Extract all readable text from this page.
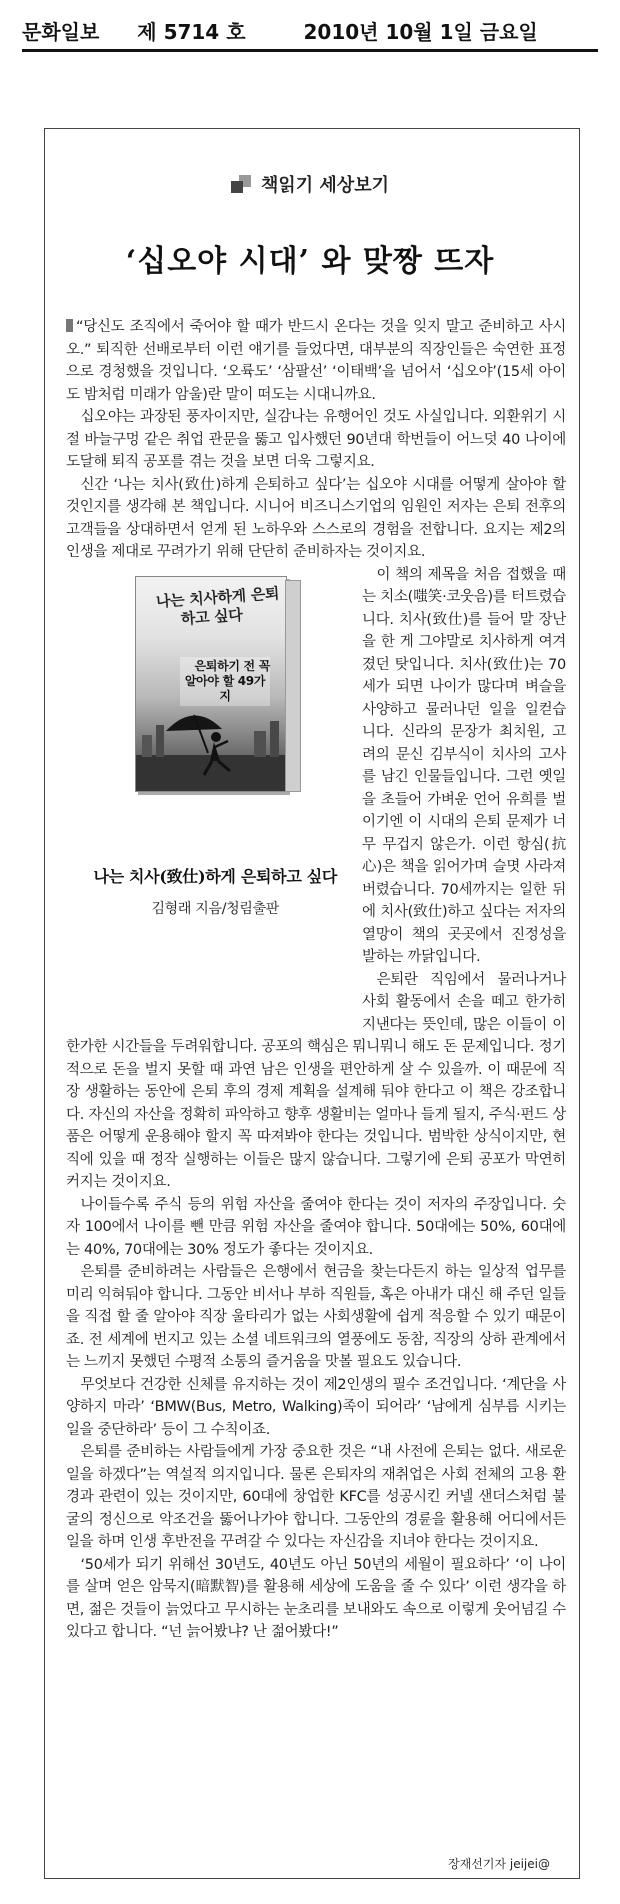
문화일보 제 5714 호	2010년 10월 1일 금요일
책읽기 세상보기
‘십오야 시대’ 와 맞짱 뜨자

“당신도 조직에서 죽어야 할 때가 반드시 온다는 것을 잊지 말고 준비하고 사시오.” 퇴직한 선배로부터 이런 얘기를 들었다면, 대부분의 직장인들은 숙연한 표정으로 경청했을 것입니다. ‘오륙도’ ‘삼팔선’ ‘이태백’을 넘어서 ‘십오야’(15세 아이도 밤처럼 미래가 암울)란 말이 떠도는 시대니까요.

십오야는 과장된 풍자이지만, 실감나는 유행어인 것도 사실입니다. 외환위기 시절 바늘구멍 같은 취업 관문을 뚫고 입사했던 90년대 학번들이 어느덧 40 나이에 도달해 퇴직 공포를 겪는 것을 보면 더욱 그렇지요.

신간 ‘나는 치사(致仕)하게 은퇴하고 싶다’는 십오야 시대를 어떻게 살아야 할 것인지를 생각해 본 책입니다. 시니어 비즈니스기업의 임원인 저자는 은퇴 전후의 고객들을 상대하면서 얻게 된 노하우와 스스로의 경험을 전합니다. 요지는 제2의 인생을 제대로 꾸려가기 위해 단단히 준비하자는 것이지요.

나는 치사하게 은퇴하고 싶다
은퇴하기 전 꼭 알아야 할 49가지
나는 치사(致仕)하게 은퇴하고 싶다
김형래 지음/청림출판
이 책의 제목을 처음 접했을 때는 치소(嗤笑·코웃음)를 터트렸습니다. 치사(致仕)를 들어 말 장난을 한 게 그야말로 치사하게 여겨졌던 탓입니다. 치사(致仕)는 70세가 되면 나이가 많다며 벼슬을 사양하고 물러나던 일을 일컫습니다. 신라의 문장가 최치원, 고려의 문신 김부식이 치사의 고사를 남긴 인물들입니다. 그런 옛일을 초들어 가벼운 언어 유희를 벌이기엔 이 시대의 은퇴 문제가 너무 무겁지 않은가. 이런 항심(抗心)은 책을 읽어가며 슬몃 사라져 버렸습니다. 70세까지는 일한 뒤에 치사(致仕)하고 싶다는 저자의 열망이 책의 곳곳에서 진정성을 발하는 까닭입니다.

은퇴란 직임에서 물러나거나 사회 활동에서 손을 떼고 한가히 지낸다는 뜻인데, 많은 이들이 이 한가한 시간들을 두려워합니다. 공포의 핵심은 뭐니뭐니 해도 돈 문제입니다. 정기적으로 돈을 벌지 못할 때 과연 남은 인생을 편안하게 살 수 있을까. 이 때문에 직장 생활하는 동안에 은퇴 후의 경제 계획을 설계해 둬야 한다고 이 책은 강조합니다. 자신의 자산을 정확히 파악하고 향후 생활비는 얼마나 들게 될지, 주식·펀드 상품은 어떻게 운용해야 할지 꼭 따져봐야 한다는 것입니다. 범박한 상식이지만, 현직에 있을 때 정작 실행하는 이들은 많지 않습니다. 그렇기에 은퇴 공포가 막연히 커지는 것이지요.

나이들수록 주식 등의 위험 자산을 줄여야 한다는 것이 저자의 주장입니다. 숫자 100에서 나이를 뺀 만큼 위험 자산을 줄여야 합니다. 50대에는 50%, 60대에는 40%, 70대에는 30% 정도가 좋다는 것이지요.

은퇴를 준비하려는 사람들은 은행에서 현금을 찾는다든지 하는 일상적 업무를 미리 익혀둬야 합니다. 그동안 비서나 부하 직원들, 혹은 아내가 대신 해 주던 일들을 직접 할 줄 알아야 직장 울타리가 없는 사회생활에 쉽게 적응할 수 있기 때문이죠. 전 세계에 번지고 있는 소셜 네트워크의 열풍에도 동참, 직장의 상하 관계에서는 느끼지 못했던 수평적 소통의 즐거움을 맛볼 필요도 있습니다.

무엇보다 건강한 신체를 유지하는 것이 제2인생의 필수 조건입니다. ‘계단을 사양하지 마라’ ‘BMW(Bus, Metro, Walking)족이 되어라’ ‘남에게 심부름 시키는 일을 중단하라’ 등이 그 수칙이죠.

은퇴를 준비하는 사람들에게 가장 중요한 것은 “내 사전에 은퇴는 없다. 새로운 일을 하겠다”는 역설적 의지입니다. 물론 은퇴자의 재취업은 사회 전체의 고용 환경과 관련이 있는 것이지만, 60대에 창업한 KFC를 성공시킨 커넬 샌더스처럼 불굴의 정신으로 악조건을 뚫어나가야 합니다. 그동안의 경륜을 활용해 어디에서든 일을 하며 인생 후반전을 꾸려갈 수 있다는 자신감을 지녀야 한다는 것이지요.

‘50세가 되기 위해선 30년도, 40년도 아닌 50년의 세월이 필요하다’ ‘이 나이를 살며 얻은 암묵지(暗默智)를 활용해 세상에 도움을 줄 수 있다’ 이런 생각을 하면, 젊은 것들이 늙었다고 무시하는 눈초리를 보내와도 속으로 이렇게 웃어넘길 수 있다고 합니다. “넌 늙어봤냐? 난 젊어봤다!”

장재선기자 jeijei@
